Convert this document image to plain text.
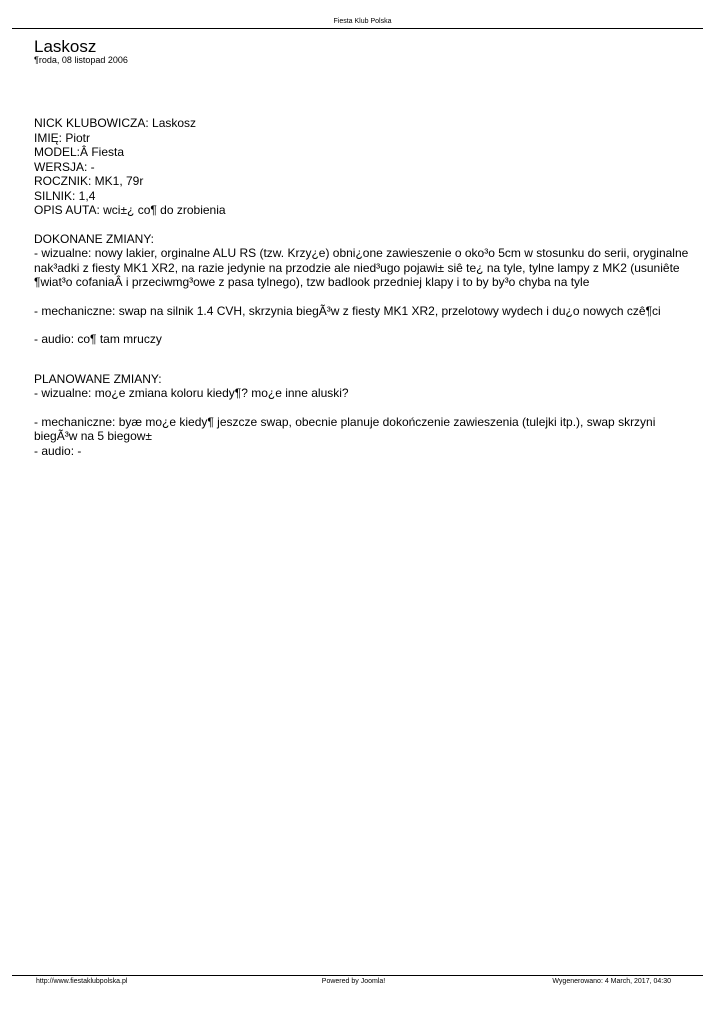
Fiesta Klub Polska
Laskosz
¶roda, 08 listopad 2006

NICK KLUBOWICZA: Laskosz

IMIĘ: Piotr

MODEL:Â Fiesta

WERSJA: -

ROCZNIK: MK1, 79r

SILNIK: 1,4

OPIS AUTA: wci±¿ co¶ do zrobienia

DOKONANE ZMIANY:

- wizualne: nowy lakier, orginalne ALU RS (tzw. Krzy¿e) obni¿one zawieszenie o oko³o 5cm w stosunku do serii, oryginalne nak³adki z fiesty MK1 XR2, na razie jedynie na przodzie ale nied³ugo pojawi± siê te¿ na tyle, tylne lampy z MK2 (usuniête ¶wiat³o cofaniaÂ i przeciwmg³owe z pasa tylnego), tzw badlook przedniej klapy i to by by³o chyba na tyle

- mechaniczne: swap na silnik 1.4 CVH, skrzynia biegÃ³w z fiesty MK1 XR2, przelotowy wydech i du¿o nowych czê¶ci

- audio: co¶ tam mruczy

PLANOWANE ZMIANY:

- wizualne: mo¿e zmiana koloru kiedy¶? mo¿e inne aluski?

- mechaniczne: byæ mo¿e kiedy¶ jeszcze swap, obecnie planuje dokończenie zawieszenia (tulejki itp.), swap skrzyni biegÃ³w na 5 biegow±

- audio: -

http://www.fiestaklubpolska.pl	Powered by Joomla!	Wygenerowano: 4 March, 2017, 04:30
